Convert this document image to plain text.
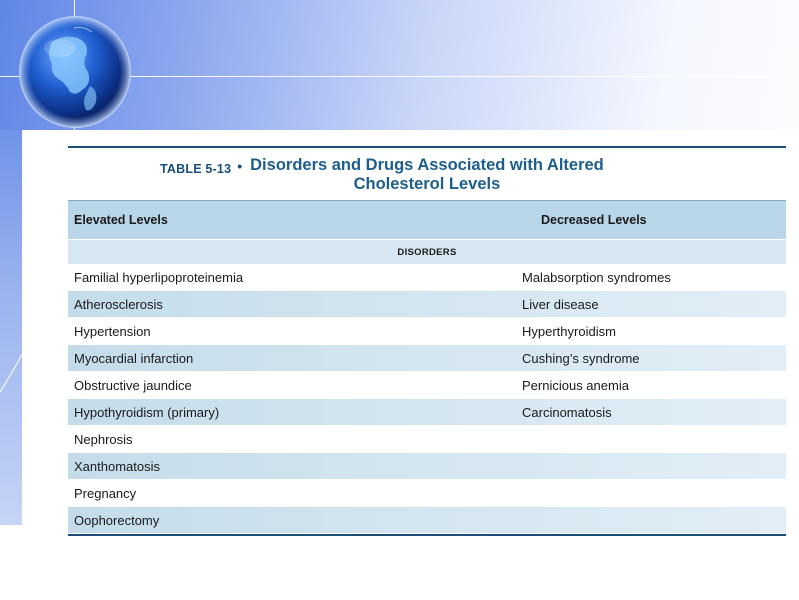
TABLE 5-13 • Disorders and Drugs Associated with Altered
Cholesterol Levels
Elevated Levels	Decreased Levels
DISORDERS
Familial hyperlipoproteinemia	Malabsorption syndromes
Atherosclerosis	Liver disease
Hypertension	Hyperthyroidism
Myocardial infarction	Cushing’s syndrome
Obstructive jaundice	Pernicious anemia
Hypothyroidism (primary)	Carcinomatosis
Nephrosis
Xanthomatosis
Pregnancy
Oophorectomy
